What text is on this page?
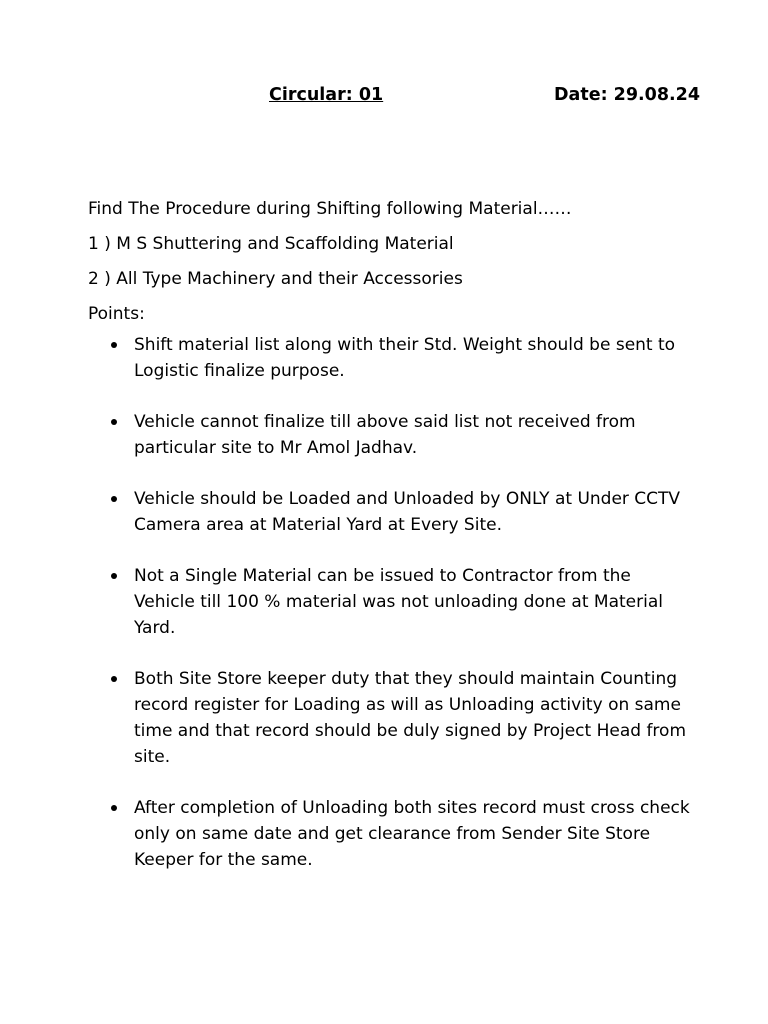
Circular: 01	Date: 29.08.24
Find The Procedure during Shifting following Material……
1 ) M S Shuttering and Scaffolding Material
2 ) All Type Machinery and their Accessories
Points:
Shift material list along with their Std. Weight should be sent to Logistic finalize purpose.
Vehicle cannot finalize till above said list not received from particular site to Mr Amol Jadhav.
Vehicle should be Loaded and Unloaded by ONLY at Under CCTV Camera area at Material Yard at Every Site.
Not a Single Material can be issued to Contractor from the Vehicle till 100 % material was not unloading done at Material Yard.
Both Site Store keeper duty that they should maintain Counting record register for Loading as will as Unloading activity on same time and that record should be duly signed by Project Head from site.
After completion of Unloading both sites record must cross check only on same date and get clearance from Sender Site Store Keeper for the same.
